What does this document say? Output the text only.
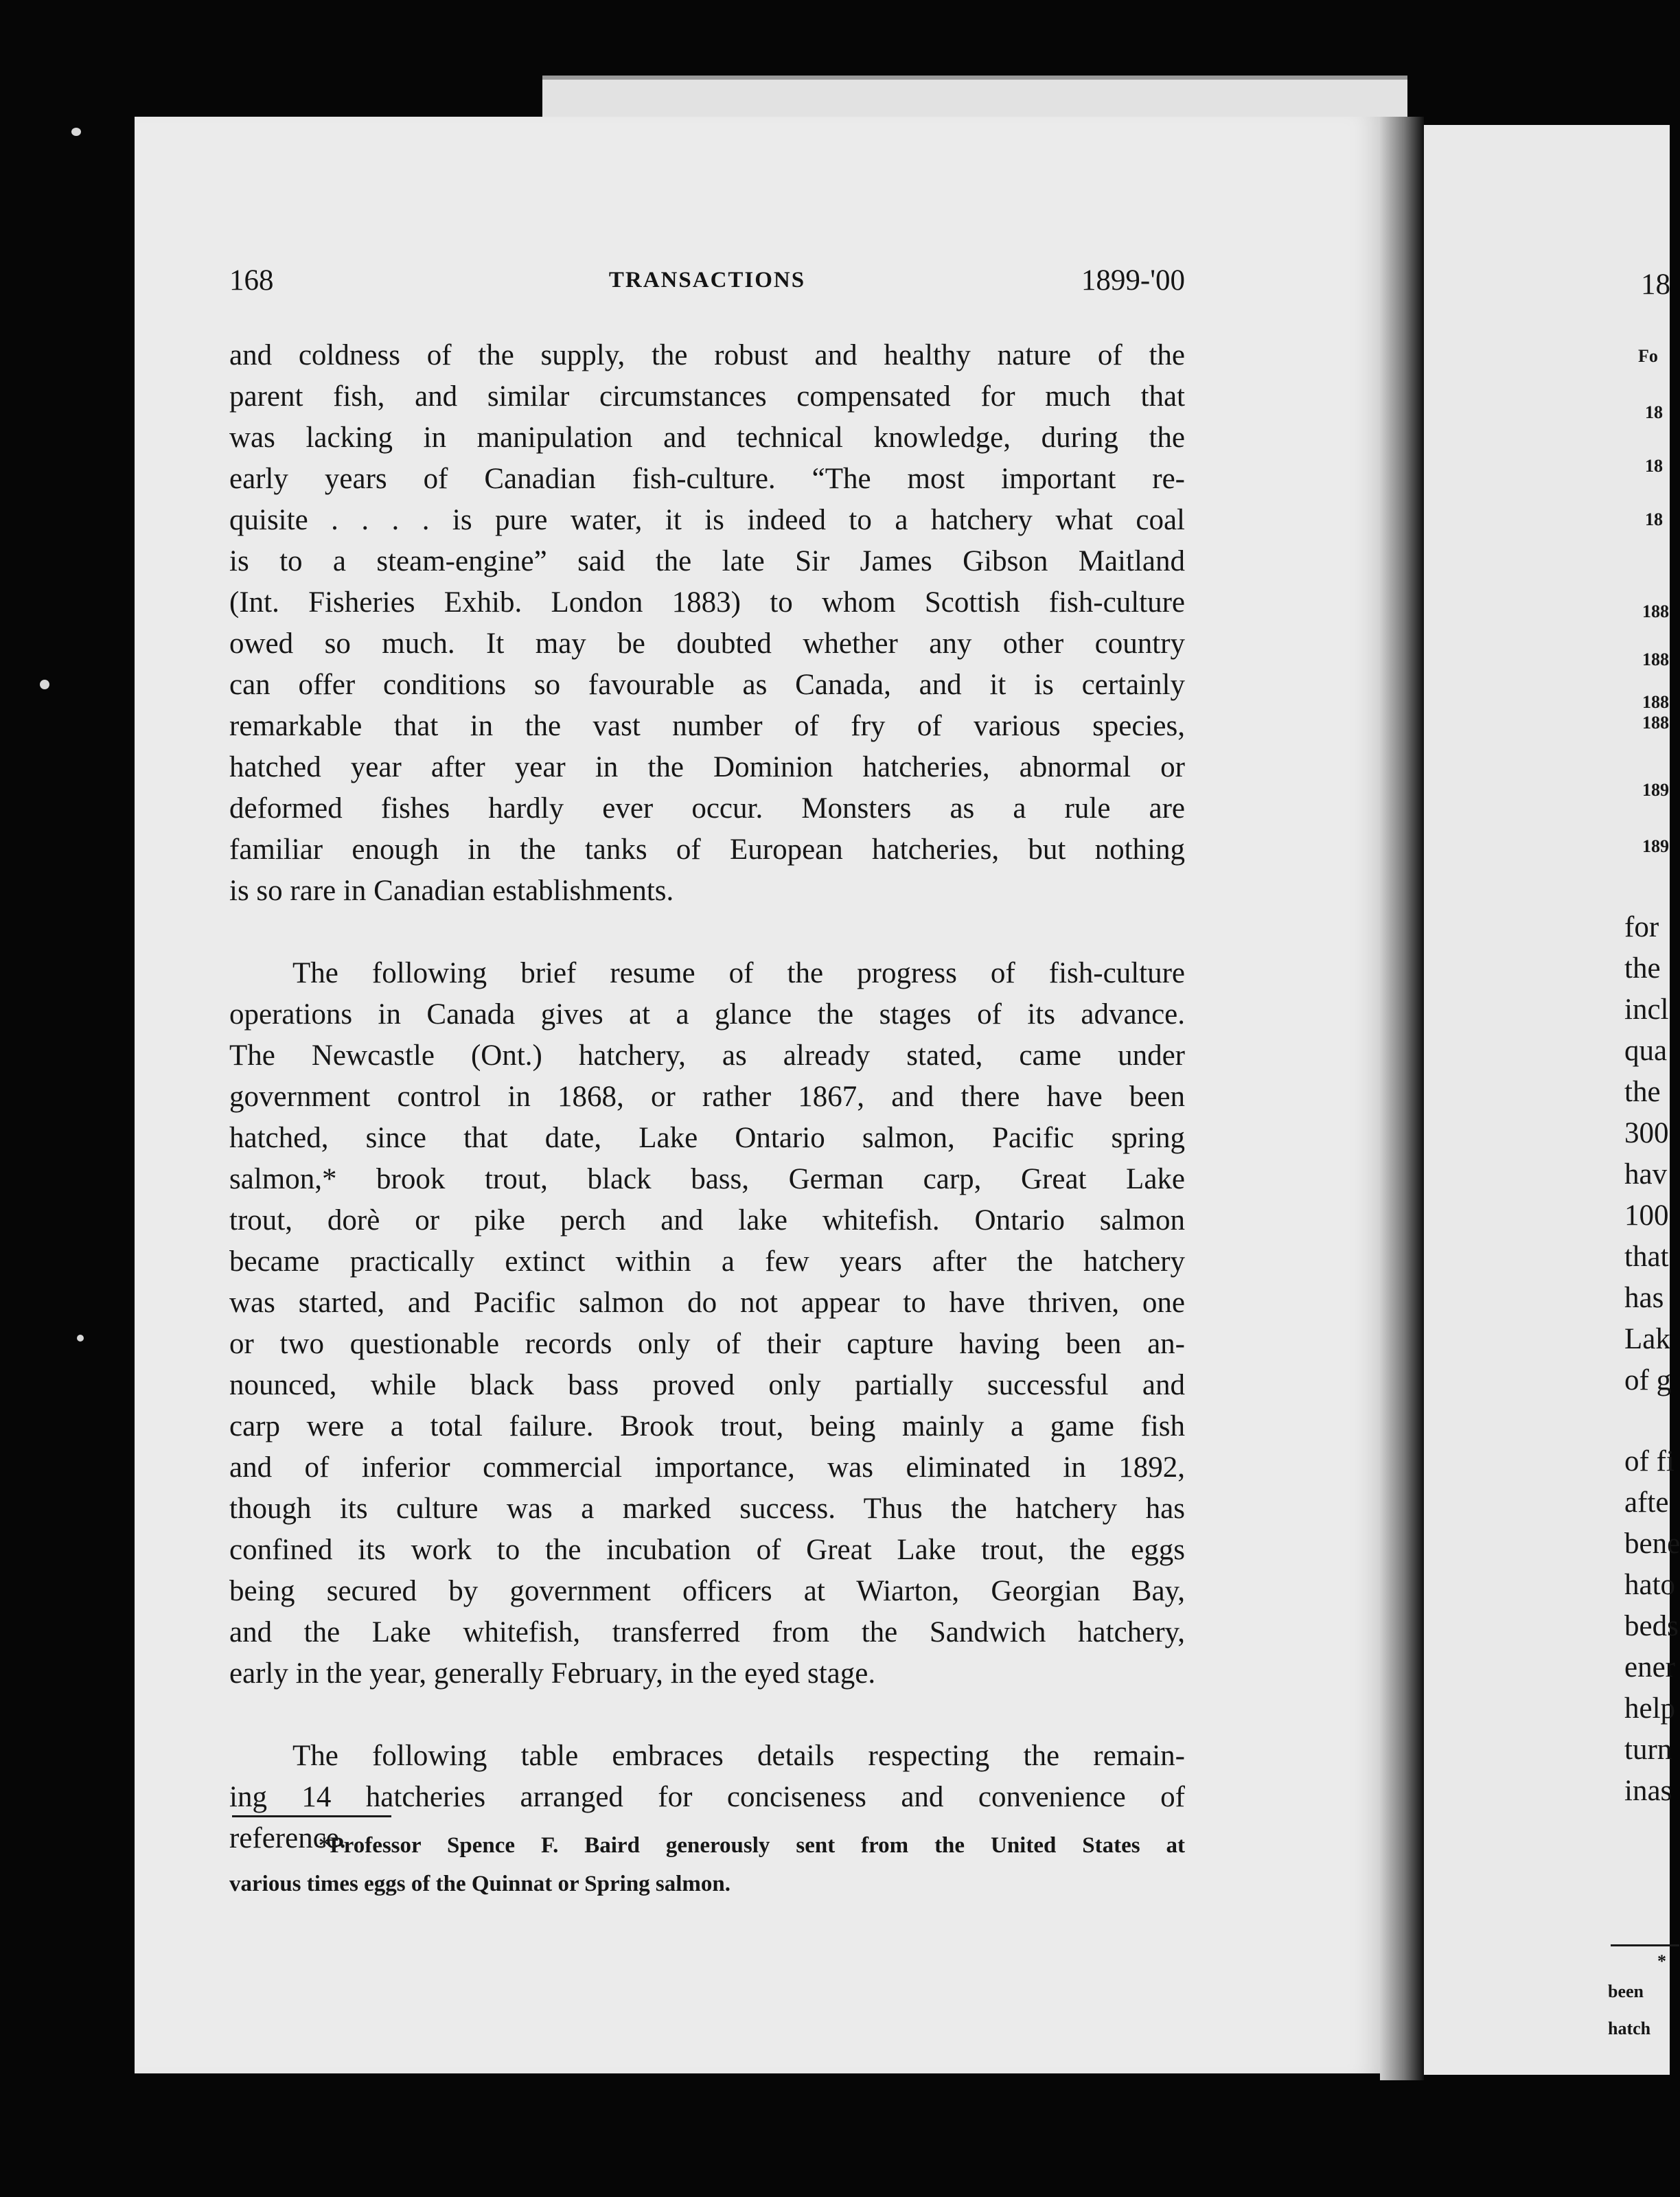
168	TRANSACTIONS	1899-'00

and coldness of the supply, the robust and healthy nature of the

parent fish, and similar circumstances compensated for much that

was lacking in manipulation and technical knowledge, during the

early years of Canadian fish-culture. “The most important re-

quisite . . . . is pure water, it is indeed to a hatchery what coal

is to a steam-engine” said the late Sir James Gibson Maitland

(Int. Fisheries Exhib. London 1883) to whom Scottish fish-culture

owed so much. It may be doubted whether any other country

can offer conditions so favourable as Canada, and it is certainly

remarkable that in the vast number of fry of various species,

hatched year after year in the Dominion hatcheries, abnormal or

deformed fishes hardly ever occur. Monsters as a rule are

familiar enough in the tanks of European hatcheries, but nothing

is so rare in Canadian establishments.

The following brief resume of the progress of fish-culture

operations in Canada gives at a glance the stages of its advance.

The Newcastle (Ont.) hatchery, as already stated, came under

government control in 1868, or rather 1867, and there have been

hatched, since that date, Lake Ontario salmon, Pacific spring

salmon,* brook trout, black bass, German carp, Great Lake

trout, dorè or pike perch and lake whitefish. Ontario salmon

became practically extinct within a few years after the hatchery

was started, and Pacific salmon do not appear to have thriven, one

or two questionable records only of their capture having been an-

nounced, while black bass proved only partially successful and

carp were a total failure. Brook trout, being mainly a game fish

and of inferior commercial importance, was eliminated in 1892,

though its culture was a marked success. Thus the hatchery has

confined its work to the incubation of Great Lake trout, the eggs

being secured by government officers at Wiarton, Georgian Bay,

and the Lake whitefish, transferred from the Sandwich hatchery,

early in the year, generally February, in the eyed stage.

The following table embraces details respecting the remain-

ing 14 hatcheries arranged for conciseness and convenience of

reference.

*Professor Spence F. Baird generously sent from the United States at

various times eggs of the Quinnat or Spring salmon.

18
Fo
18
18
18
188
188
188
188
189
189
for
the
incl
qua
the
300
hav
100
that
has
Lak
of g
of fi
afte
bene
hato
beds
ener
help
turn
inas
*
been
hatch
